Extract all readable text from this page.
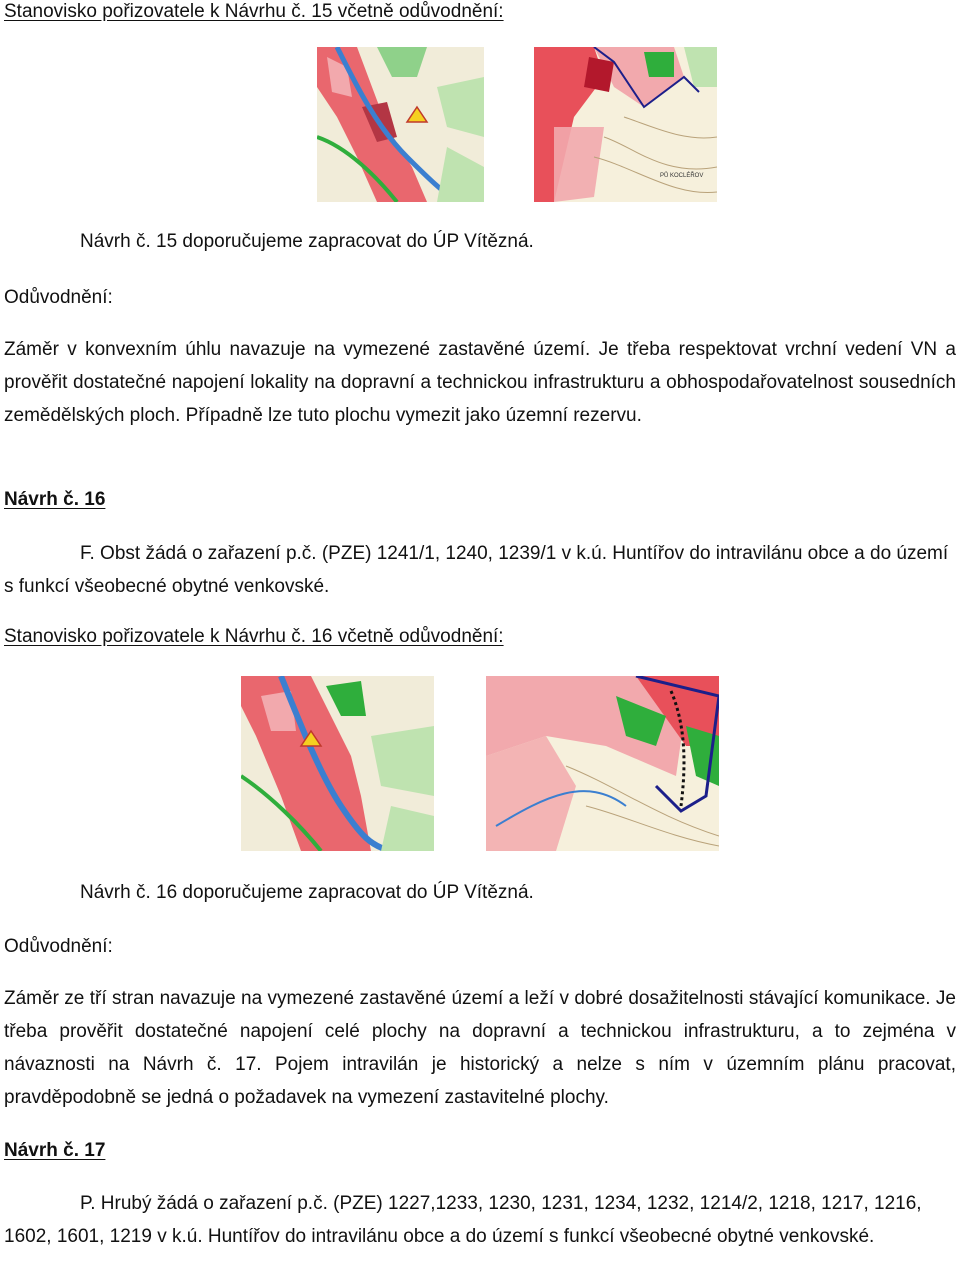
Stanovisko pořizovatele k Návrhu č. 15 včetně odůvodnění:
PŮ KOCLÉŘOV
Návrh č. 15 doporučujeme zapracovat do ÚP Vítězná.
Odůvodnění:
Záměr v konvexním úhlu navazuje na vymezené zastavěné území. Je třeba respektovat vrchní vedení VN a prověřit dostatečné napojení lokality na dopravní a technickou infrastrukturu a obhospodařovatelnost sousedních zemědělských ploch. Případně lze tuto plochu vymezit jako územní rezervu.
Návrh č. 16
F. Obst žádá o zařazení p.č. (PZE) 1241/1, 1240, 1239/1 v k.ú. Huntířov do intravilánu obce a do území s funkcí všeobecné obytné venkovské.
Stanovisko pořizovatele k Návrhu č. 16 včetně odůvodnění:
Návrh č. 16 doporučujeme zapracovat do ÚP Vítězná.
Odůvodnění:
Záměr ze tří stran navazuje na vymezené zastavěné území a leží v dobré dosažitelnosti stávající komunikace. Je třeba prověřit dostatečné napojení celé plochy na dopravní a technickou infrastrukturu, a to zejména v návaznosti na Návrh č. 17. Pojem intravilán je historický a nelze s ním v územním plánu pracovat, pravděpodobně se jedná o požadavek na vymezení zastavitelné plochy.
Návrh č. 17
P. Hrubý žádá o zařazení p.č. (PZE) 1227,1233, 1230, 1231, 1234, 1232, 1214/2, 1218, 1217, 1216, 1602, 1601, 1219 v k.ú. Huntířov do intravilánu obce a do území s funkcí všeobecné obytné venkovské.
